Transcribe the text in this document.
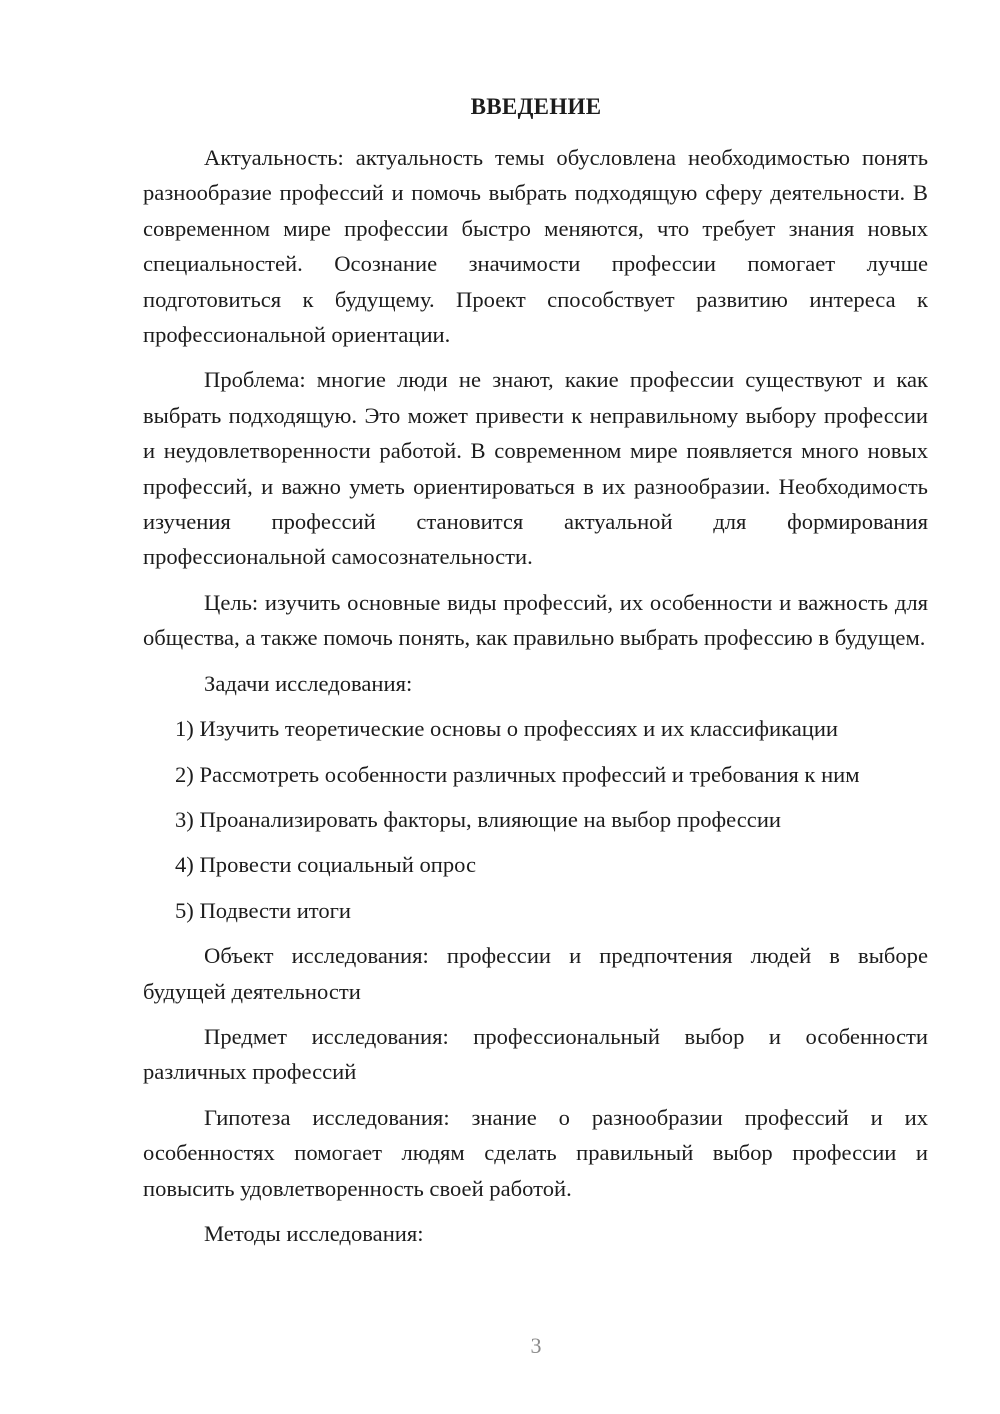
ВВЕДЕНИЕ

Актуальность: актуальность темы обусловлена необходимостью понять разнообразие профессий и помочь выбрать подходящую сферу деятельности. В современном мире профессии быстро меняются, что требует знания новых специальностей. Осознание значимости профессии помогает лучше подготовиться к будущему. Проект способствует развитию интереса к профессиональной ориентации.

Проблема: многие люди не знают, какие профессии существуют и как выбрать подходящую. Это может привести к неправильному выбору профессии и неудовлетворенности работой. В современном мире появляется много новых профессий, и важно уметь ориентироваться в их разнообразии. Необходимость изучения профессий становится актуальной для формирования профессиональной самосознательности.

Цель: изучить основные виды профессий, их особенности и важность для общества, а также помочь понять, как правильно выбрать профессию в будущем.

Задачи исследования:

1) Изучить теоретические основы о профессиях и их классификации
2) Рассмотреть особенности различных профессий и требования к ним
3) Проанализировать факторы, влияющие на выбор профессии
4) Провести социальный опрос
5) Подвести итоги

Объект исследования: профессии и предпочтения людей в выборе будущей деятельности

Предмет исследования: профессиональный выбор и особенности различных профессий

Гипотеза исследования: знание о разнообразии профессий и их особенностях помогает людям сделать правильный выбор профессии и повысить удовлетворенность своей работой.

Методы исследования:

3
